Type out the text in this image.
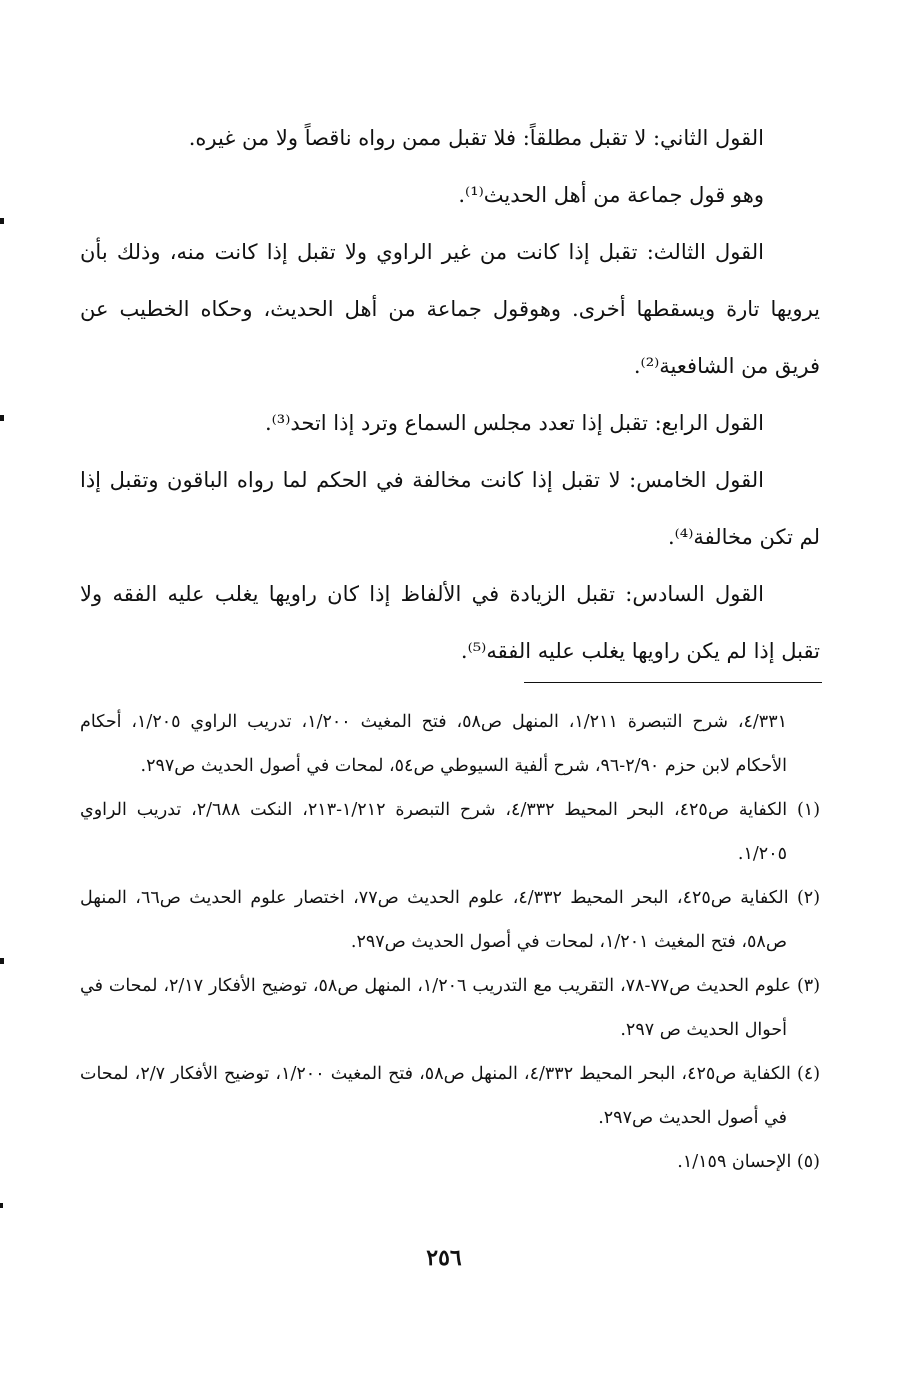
القول الثاني: لا تقبل مطلقاً: فلا تقبل ممن رواه ناقصاً ولا من غيره.

وهو قول جماعة من أهل الحديث⁽¹⁾.

القول الثالث: تقبل إذا كانت من غير الراوي ولا تقبل إذا كانت منه، وذلك بأن يرويها تارة ويسقطها أخرى. وهوقول جماعة من أهل الحديث، وحكاه الخطيب عن فريق من الشافعية⁽²⁾.

القول الرابع: تقبل إذا تعدد مجلس السماع وترد إذا اتحد⁽³⁾.

القول الخامس: لا تقبل إذا كانت مخالفة في الحكم لما رواه الباقون وتقبل إذا لم تكن مخالفة⁽⁴⁾.

القول السادس: تقبل الزيادة في الألفاظ إذا كان راويها يغلب عليه الفقه ولا تقبل إذا لم يكن راويها يغلب عليه الفقه⁽⁵⁾.

٤/٣٣١، شرح التبصرة ١/٢١١، المنهل ص٥٨، فتح المغيث ١/٢٠٠، تدريب الراوي ١/٢٠٥، أحكام الأحكام لابن حزم ٢/٩٠-٩٦، شرح ألفية السيوطي ص٥٤، لمحات في أصول الحديث ص٢٩٧.

(١) الكفاية ص٤٢٥، البحر المحيط ٤/٣٣٢، شرح التبصرة ١/٢١٢-٢١٣، النكت ٢/٦٨٨، تدريب الراوي ١/٢٠٥.

(٢) الكفاية ص٤٢٥، البحر المحيط ٤/٣٣٢، علوم الحديث ص٧٧، اختصار علوم الحديث ص٦٦، المنهل ص٥٨، فتح المغيث ١/٢٠١، لمحات في أصول الحديث ص٢٩٧.

(٣) علوم الحديث ص٧٧-٧٨، التقريب مع التدريب ١/٢٠٦، المنهل ص٥٨، توضيح الأفكار ٢/١٧، لمحات في أحوال الحديث ص ٢٩٧.

(٤) الكفاية ص٤٢٥، البحر المحيط ٤/٣٣٢، المنهل ص٥٨، فتح المغيث ١/٢٠٠، توضيح الأفكار ٢/٧، لمحات في أصول الحديث ص٢٩٧.

(٥) الإحسان ١/١٥٩.

٢٥٦
